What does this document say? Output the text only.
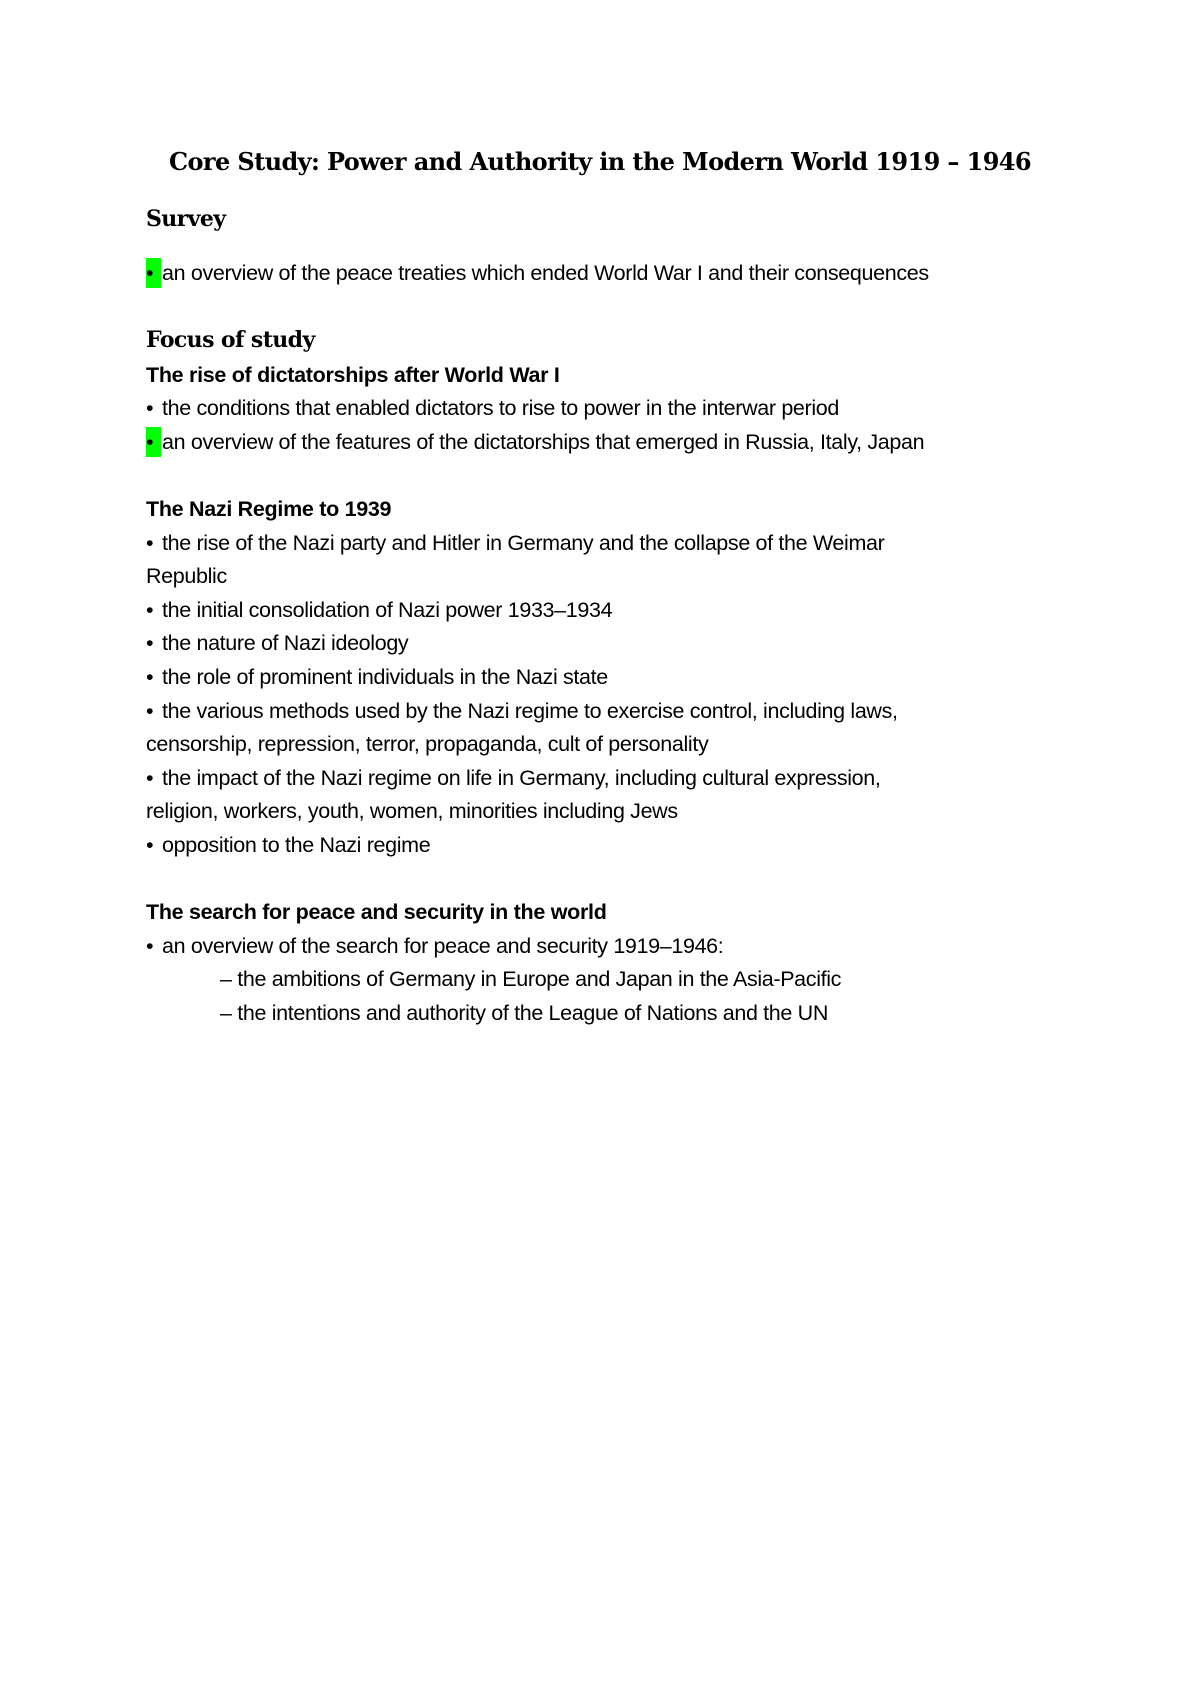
Core Study: Power and Authority in the Modern World 1919 – 1946
Survey
• an overview of the peace treaties which ended World War I and their consequences
Focus of study
The rise of dictatorships after World War I
• the conditions that enabled dictators to rise to power in the interwar period
• an overview of the features of the dictatorships that emerged in Russia, Italy, Japan
The Nazi Regime to 1939
• the rise of the Nazi party and Hitler in Germany and the collapse of the Weimar
Republic
• the initial consolidation of Nazi power 1933–1934
• the nature of Nazi ideology
• the role of prominent individuals in the Nazi state
• the various methods used by the Nazi regime to exercise control, including laws,
censorship, repression, terror, propaganda, cult of personality
• the impact of the Nazi regime on life in Germany, including cultural expression,
religion, workers, youth, women, minorities including Jews
• opposition to the Nazi regime
The search for peace and security in the world
• an overview of the search for peace and security 1919–1946:
– the ambitions of Germany in Europe and Japan in the Asia-Pacific
– the intentions and authority of the League of Nations and the UN
